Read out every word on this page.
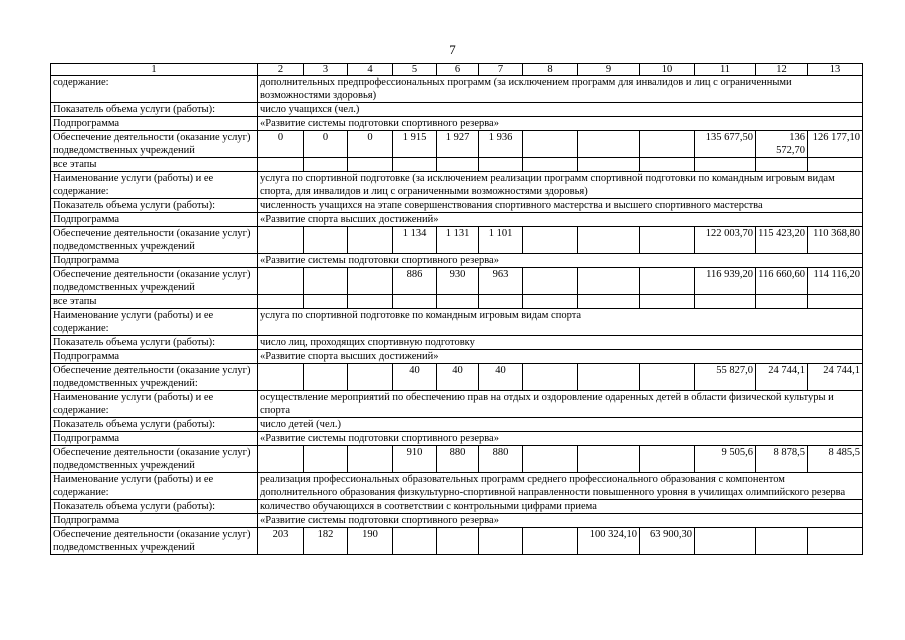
7
1	2	3	4	5	6	7	8	9	10	11	12	13
содержание:	дополнительных предпрофессиональных программ (за исключением программ для инвалидов и лиц с ограниченными возможностями здоровья)											
Показатель объема услуги (работы):	число учащихся (чел.)											
Подпрограмма	«Развитие системы подготовки спортивного резерва»											
Обеспечение деятельности (оказание услуг) подведомственных учреждений	0	0	0	1 915	1 927	1 936				135 677,50	136 572,70	126 177,10
все этапы												
Наименование услуги (работы) и ее содержание:	услуга по спортивной подготовке (за исключением реализации программ спортивной подготовки по командным игровым видам спорта, для инвалидов и лиц с ограниченными возможностями здоровья)											
Показатель объема услуги (работы):	численность учащихся на этапе совершенствования спортивного мастерства и высшего спортивного мастерства											
Подпрограмма	«Развитие спорта высших достижений»											
Обеспечение деятельности (оказание услуг) подведомственных учреждений				1 134	1 131	1 101				122 003,70	115 423,20	110 368,80
Подпрограмма	«Развитие системы подготовки спортивного резерва»											
Обеспечение деятельности (оказание услуг) подведомственных учреждений				886	930	963				116 939,20	116 660,60	114 116,20
все этапы												
Наименование услуги (работы) и ее содержание:	услуга по спортивной подготовке по командным игровым видам спорта											
Показатель объема услуги (работы):	число лиц, проходящих спортивную подготовку											
Подпрограмма	«Развитие спорта высших достижений»											
Обеспечение деятельности (оказание услуг) подведомственных учреждений:				40	40	40				55 827,0	24 744,1	24 744,1
Наименование услуги (работы) и ее содержание:	осуществление мероприятий по обеспечению прав на отдых и оздоровление одаренных детей в области физической культуры и спорта											
Показатель объема услуги (работы):	число детей (чел.)											
Подпрограмма	«Развитие системы подготовки спортивного резерва»											
Обеспечение деятельности (оказание услуг) подведомственных учреждений				910	880	880				9 505,6	8 878,5	8 485,5
Наименование услуги (работы) и ее содержание:	реализация профессиональных образовательных программ среднего профессионального образования с компонентом дополнительного образования физкультурно-спортивной направленности повышенного уровня в училищах олимпийского резерва											
Показатель объема услуги (работы):	количество обучающихся в соответствии с контрольными цифрами приема											
Подпрограмма	«Развитие системы подготовки спортивного резерва»											
Обеспечение деятельности (оказание услуг) подведомственных учреждений	203	182	190					100 324,10	63 900,30			
